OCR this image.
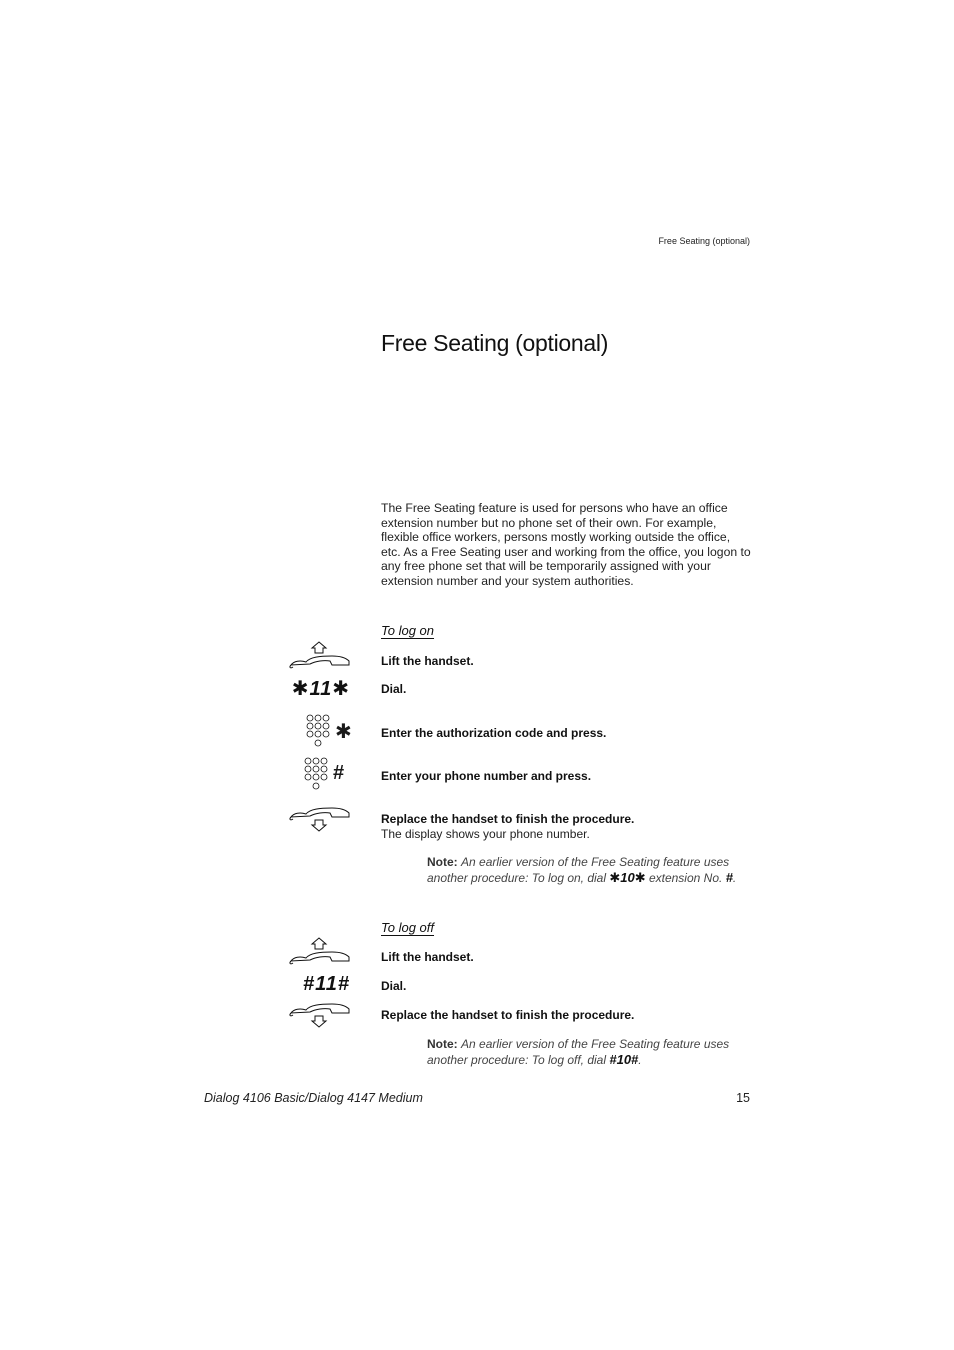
Free Seating (optional)
Free Seating (optional)

The Free Seating feature is used for persons who have an office extension number but no phone set of their own. For example, flexible office workers, persons mostly working outside the office, etc. As a Free Seating user and working from the office, you logon to any free phone set that will be temporarily assigned with your extension number and your system authorities.

To log on
Lift the handset.
✱11✱	Dial.
✱ Enter the authorization code and press.
#	Enter your phone number and press.
Replace the handset to finish the procedure.
The display shows your phone number.
Note: An earlier version of the Free Seating feature uses another procedure: To log on, dial ✱10✱ extension No. #.
To log off
Lift the handset.
#11#	Dial.
Replace the handset to finish the procedure.
Note: An earlier version of the Free Seating feature uses another procedure: To log off, dial #10#.
Dialog 4106 Basic/Dialog 4147 Medium	15
